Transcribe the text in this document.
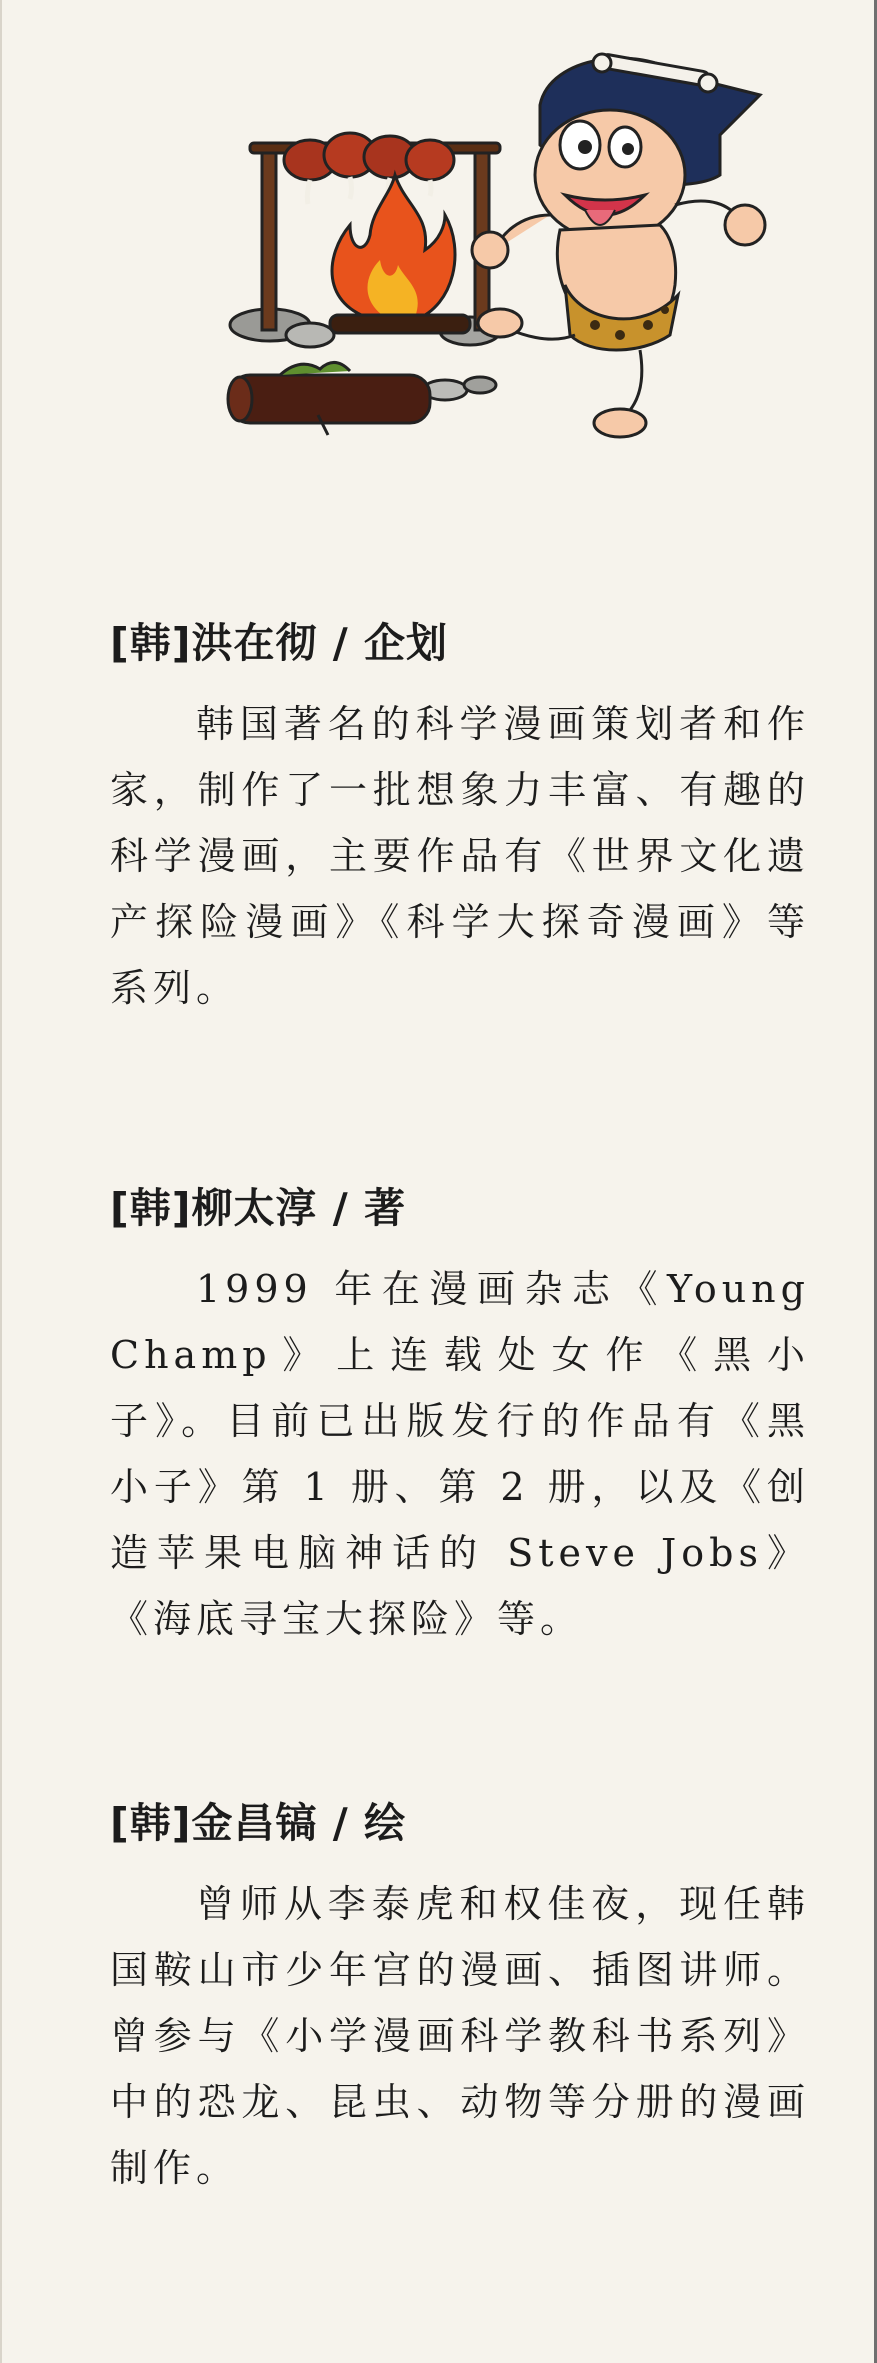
[韩]洪在彻 / 企划

韩国著名的科学漫画策划者和作家，制作了一批想象力丰富、有趣的科学漫画，主要作品有《世界文化遗产探险漫画》《科学大探奇漫画》等系列。

[韩]柳太淳 / 著

1999 年在漫画杂志《Young Champ》上连载处女作《黑小子》。目前已出版发行的作品有《黑小子》第 1 册、第 2 册，以及《创造苹果电脑神话的 Steve Jobs》《海底寻宝大探险》等。

[韩]金昌镐 / 绘

曾师从李泰虎和权佳夜，现任韩国鞍山市少年宫的漫画、插图讲师。曾参与《小学漫画科学教科书系列》中的恐龙、昆虫、动物等分册的漫画制作。
